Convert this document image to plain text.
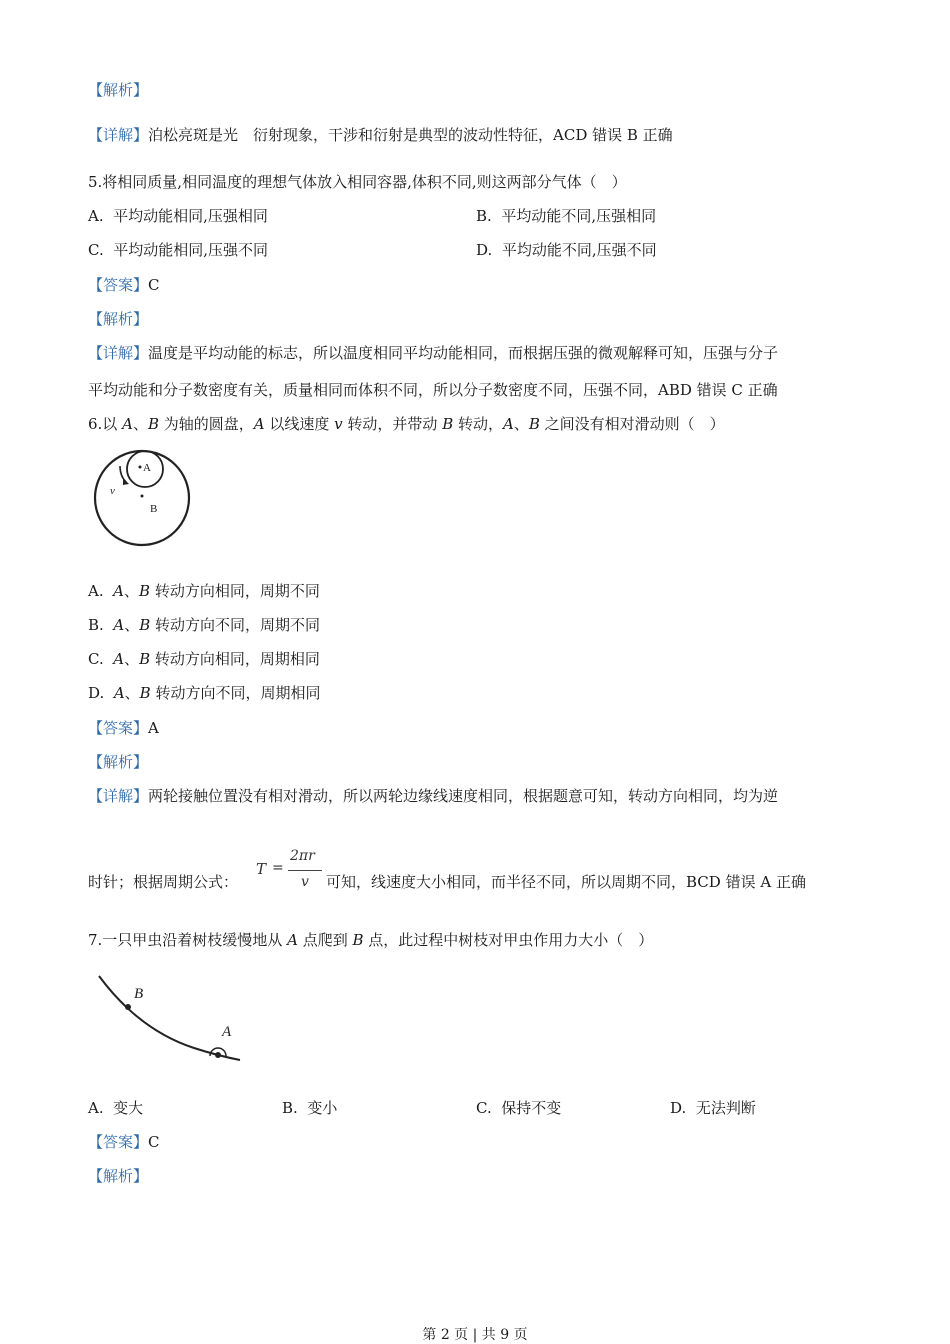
【解析】
【详解】泊松亮斑是光　衍射现象，干涉和衍射是典型的波动性特征，ACD 错误 B 正确
5.将相同质量,相同温度的理想气体放入相同容器,体积不同,则这两部分气体（　）
A. 平均动能相同,压强相同	B. 平均动能不同,压强相同
C. 平均动能相同,压强不同	D. 平均动能不同,压强不同
【答案】C
【解析】
【详解】温度是平均动能的标志，所以温度相同平均动能相同，而根据压强的微观解释可知，压强与分子
平均动能和分子数密度有关，质量相同而体积不同，所以分子数密度不同，压强不同，ABD 错误 C 正确
6.以 A、B 为轴的圆盘，A 以线速度 v 转动，并带动 B 转动，A、B 之间没有相对滑动则（　）
A
B
v
A. A、B 转动方向相同，周期不同
B. A、B 转动方向不同，周期不同
C. A、B 转动方向相同，周期相同
D. A、B 转动方向不同，周期相同
【答案】A
【解析】
【详解】两轮接触位置没有相对滑动，所以两轮边缘线速度相同，根据题意可知，转动方向相同，均为逆
时针；根据周期公式：
T =
2πr
v 可知，线速度大小相同，而半径不同，所以周期不同，BCD 错误 A 正确
7.一只甲虫沿着树枝缓慢地从 A 点爬到 B 点，此过程中树枝对甲虫作用力大小（　）
B
A
A. 变大	B. 变小	C. 保持不变	D. 无法判断
【答案】C
【解析】
第 2 页 | 共 9 页
